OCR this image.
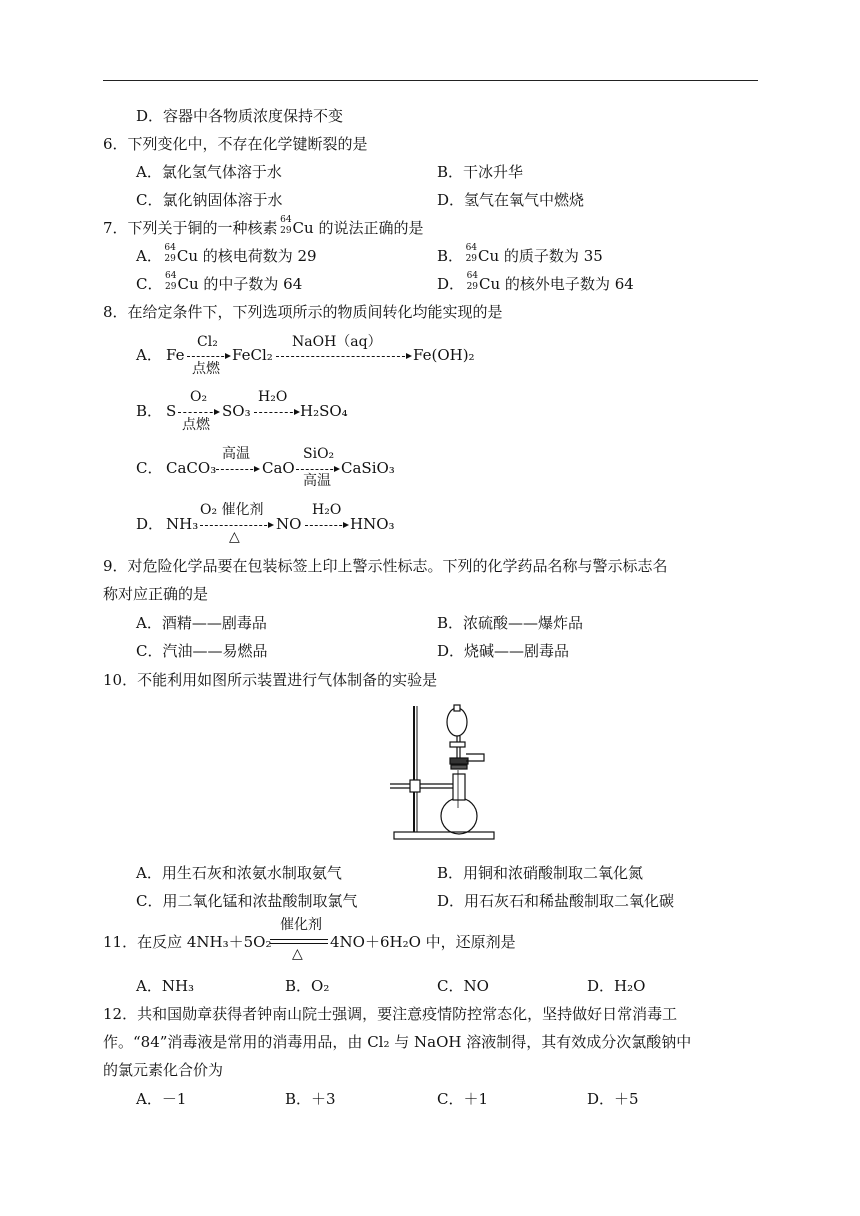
D．容器中各物质浓度保持不变
6．下列变化中，不存在化学键断裂的是
A．氯化氢气体溶于水	B．干冰升华
C．氯化钠固体溶于水	D．氢气在氧气中燃烧
7．下列关于铜的一种核素 64
29 Cu 的说法正确的是
A． 64
29 Cu 的核电荷数为 29	B． 64
29 Cu 的质子数为 35
C． 64
29 Cu 的中子数为 64	D． 64
29 Cu 的核外电子数为 64
8．在给定条件下，下列选项所示的物质间转化均能实现的是
A． Fe
Cl₂
点燃
FeCl₂
NaOH（aq）
Fe(OH)₂
B． S
O₂
点燃
SO₃
H₂O
H₂SO₄
C． CaCO₃
高温
CaO
SiO₂
高温
CaSiO₃
D． NH₃
O₂ 催化剂
△
NO
H₂O
HNO₃
9．对危险化学品要在包装标签上印上警示性标志。下列的化学药品名称与警示标志名
称对应正确的是
A．酒精——剧毒品	B．浓硫酸——爆炸品
C．汽油——易燃品	D．烧碱——剧毒品
10．不能利用如图所示装置进行气体制备的实验是
A．用生石灰和浓氨水制取氨气	B．用铜和浓硝酸制取二氧化氮
C．用二氧化锰和浓盐酸制取氯气	D．用石灰石和稀盐酸制取二氧化碳
11．在反应 4NH₃＋5O₂
催化剂
△
4NO＋6H₂O 中，还原剂是
A．NH₃	B．O₂	C．NO	D．H₂O
12．共和国勋章获得者钟南山院士强调，要注意疫情防控常态化，坚持做好日常消毒工
作。“84”消毒液是常用的消毒用品，由 Cl₂ 与 NaOH 溶液制得，其有效成分次氯酸钠中
的氯元素化合价为
A．－1	B．＋3	C．＋1	D．＋5
